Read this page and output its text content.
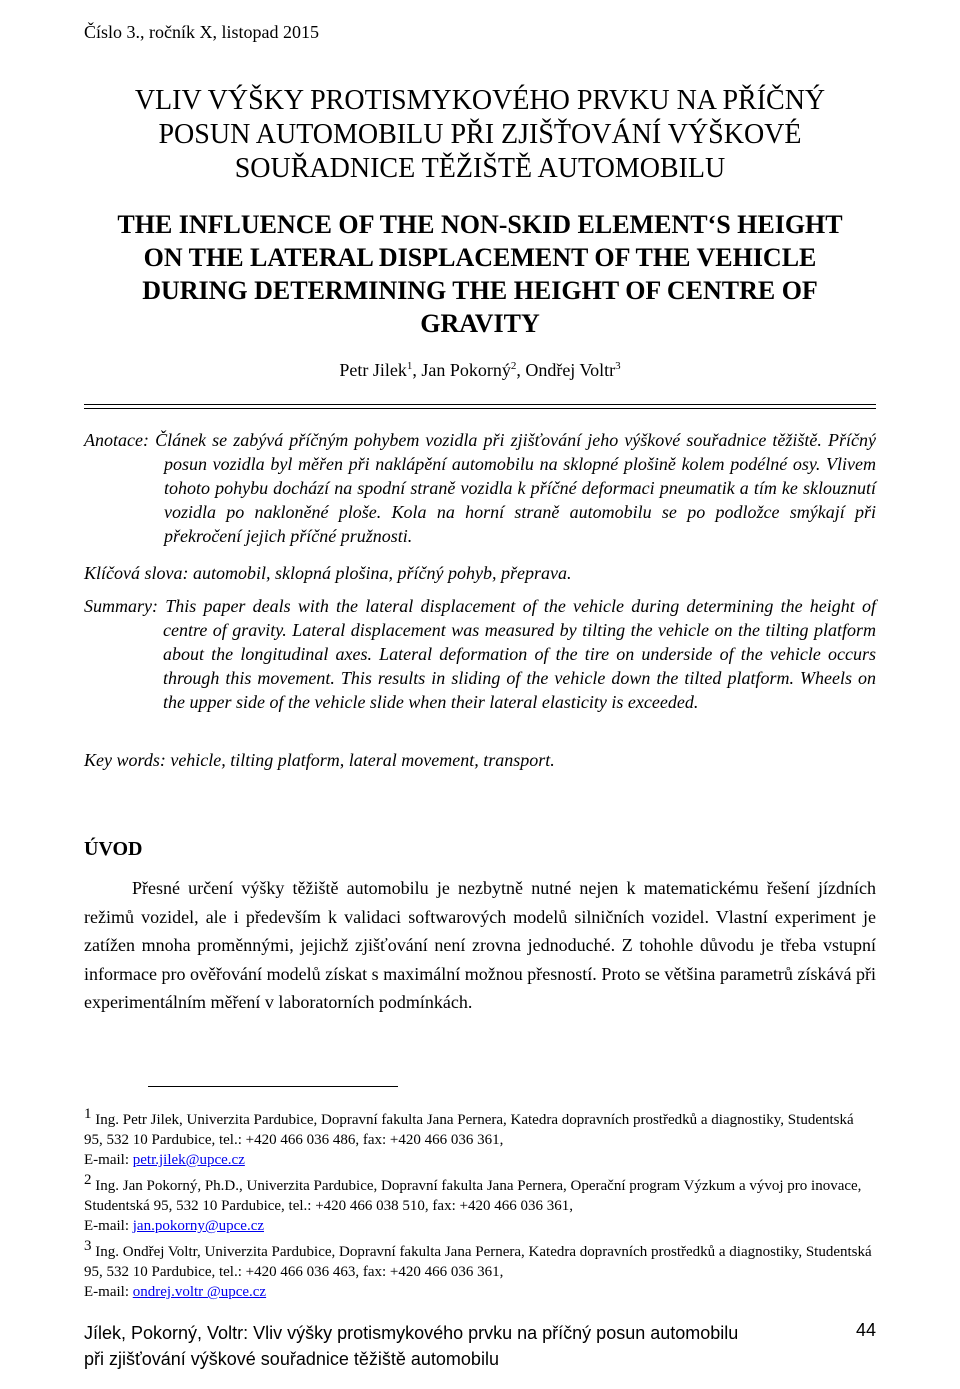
Číslo 3., ročník X, listopad 2015
VLIV VÝŠKY PROTISMYKOVÉHO PRVKU NA PŘÍČNÝ
POSUN AUTOMOBILU PŘI ZJIŠŤOVÁNÍ VÝŠKOVÉ
SOUŘADNICE TĚŽIŠTĚ AUTOMOBILU
THE INFLUENCE OF THE NON-SKID ELEMENT‘S HEIGHT
ON THE LATERAL DISPLACEMENT OF THE VEHICLE
DURING DETERMINING THE HEIGHT OF CENTRE OF
GRAVITY
Petr Jilek$^1$, Jan Pokorný$^2$, Ondřej Voltr$^3$
Anotace: Článek se zabývá příčným pohybem vozidla při zjišťování jeho výškové souřadnice těžiště. Příčný posun vozidla byl měřen při naklápění automobilu na sklopné plošině kolem podélné osy. Vlivem tohoto pohybu dochází na spodní straně vozidla k příčné deformaci pneumatik a tím ke sklouznutí vozidla po nakloněné ploše. Kola na horní straně automobilu se po podložce smýkají při překročení jejich příčné pružnosti.
Klíčová slova: automobil, sklopná plošina, příčný pohyb, přeprava.
Summary: This paper deals with the lateral displacement of the vehicle during determining the height of centre of gravity. Lateral displacement was measured by tilting the vehicle on the tilting platform about the longitudinal axes. Lateral deformation of the tire on underside of the vehicle occurs through this movement. This results in sliding of the vehicle down the tilted platform. Wheels on the upper side of the vehicle slide when their lateral elasticity is exceeded.
Key words: vehicle, tilting platform, lateral movement, transport.
ÚVOD
Přesné určení výšky těžiště automobilu je nezbytně nutné nejen k matematickému řešení jízdních režimů vozidel, ale i především k validaci softwarových modelů silničních vozidel. Vlastní experiment je zatížen mnoha proměnnými, jejichž zjišťování není zrovna jednoduché. Z tohohle důvodu je třeba vstupní informace pro ověřování modelů získat s maximální možnou přesností. Proto se většina parametrů získává při experimentálním měření v laboratorních podmínkách.
$^1$ Ing. Petr Jilek, Univerzita Pardubice, Dopravní fakulta Jana Pernera, Katedra dopravních prostředků a diagnostiky, Studentská 95, 532 10 Pardubice, tel.: +420 466 036 486, fax: +420 466 036 361,
E-mail: petr.jilek@upce.cz
$^2$ Ing. Jan Pokorný, Ph.D., Univerzita Pardubice, Dopravní fakulta Jana Pernera, Operační program Výzkum a vývoj pro inovace, Studentská 95, 532 10 Pardubice, tel.: +420 466 038 510, fax: +420 466 036 361,
E-mail: jan.pokorny@upce.cz
$^3$ Ing. Ondřej Voltr, Univerzita Pardubice, Dopravní fakulta Jana Pernera, Katedra dopravních prostředků a diagnostiky, Studentská 95, 532 10 Pardubice, tel.: +420 466 036 463, fax: +420 466 036 361,
E-mail: ondrej.voltr @upce.cz
Jílek, Pokorný, Voltr: Vliv výšky protismykového prvku na příčný posun automobilu
při zjišťování výškové souřadnice těžiště automobilu
44
